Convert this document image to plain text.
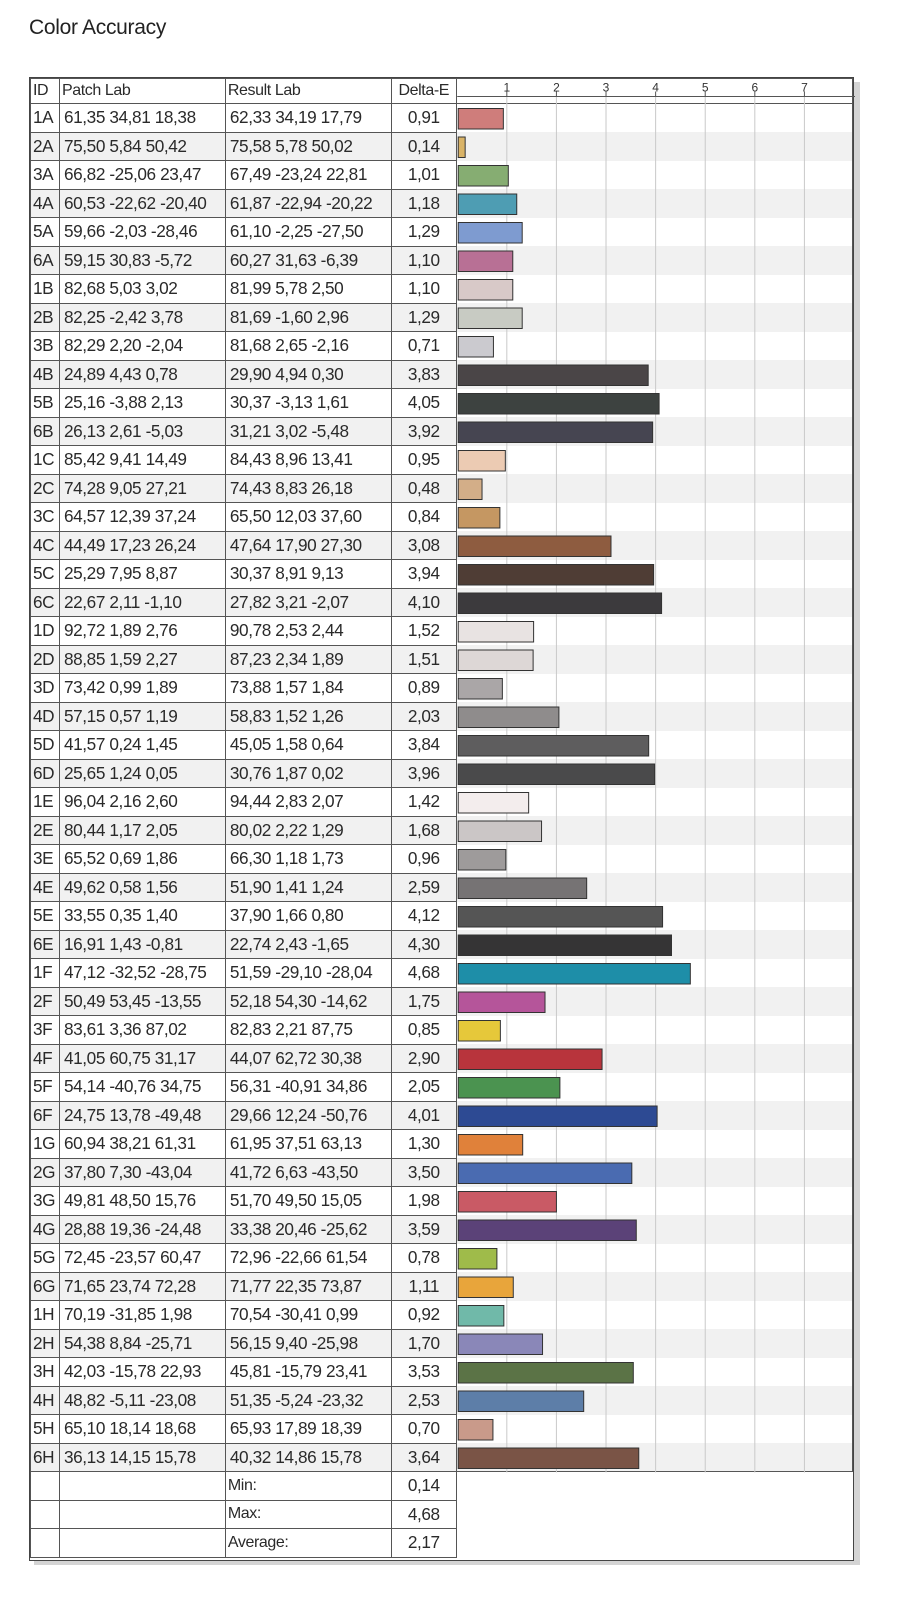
Color Accuracy
ID	Patch Lab	Result Lab	Delta-E	
1A	61,35 34,81 18,38	62,33 34,19 17,79	0,91	
2A	75,50 5,84 50,42	75,58 5,78 50,02	0,14	
3A	66,82 -25,06 23,47	67,49 -23,24 22,81	1,01	
4A	60,53 -22,62 -20,40	61,87 -22,94 -20,22	1,18	
5A	59,66 -2,03 -28,46	61,10 -2,25 -27,50	1,29	
6A	59,15 30,83 -5,72	60,27 31,63 -6,39	1,10	
1B	82,68 5,03 3,02	81,99 5,78 2,50	1,10	
2B	82,25 -2,42 3,78	81,69 -1,60 2,96	1,29	
3B	82,29 2,20 -2,04	81,68 2,65 -2,16	0,71	
4B	24,89 4,43 0,78	29,90 4,94 0,30	3,83	
5B	25,16 -3,88 2,13	30,37 -3,13 1,61	4,05	
6B	26,13 2,61 -5,03	31,21 3,02 -5,48	3,92	
1C	85,42 9,41 14,49	84,43 8,96 13,41	0,95	
2C	74,28 9,05 27,21	74,43 8,83 26,18	0,48	
3C	64,57 12,39 37,24	65,50 12,03 37,60	0,84	
4C	44,49 17,23 26,24	47,64 17,90 27,30	3,08	
5C	25,29 7,95 8,87	30,37 8,91 9,13	3,94	
6C	22,67 2,11 -1,10	27,82 3,21 -2,07	4,10	
1D	92,72 1,89 2,76	90,78 2,53 2,44	1,52	
2D	88,85 1,59 2,27	87,23 2,34 1,89	1,51	
3D	73,42 0,99 1,89	73,88 1,57 1,84	0,89	
4D	57,15 0,57 1,19	58,83 1,52 1,26	2,03	
5D	41,57 0,24 1,45	45,05 1,58 0,64	3,84	
6D	25,65 1,24 0,05	30,76 1,87 0,02	3,96	
1E	96,04 2,16 2,60	94,44 2,83 2,07	1,42	
2E	80,44 1,17 2,05	80,02 2,22 1,29	1,68	
3E	65,52 0,69 1,86	66,30 1,18 1,73	0,96	
4E	49,62 0,58 1,56	51,90 1,41 1,24	2,59	
5E	33,55 0,35 1,40	37,90 1,66 0,80	4,12	
6E	16,91 1,43 -0,81	22,74 2,43 -1,65	4,30	
1F	47,12 -32,52 -28,75	51,59 -29,10 -28,04	4,68	
2F	50,49 53,45 -13,55	52,18 54,30 -14,62	1,75	
3F	83,61 3,36 87,02	82,83 2,21 87,75	0,85	
4F	41,05 60,75 31,17	44,07 62,72 30,38	2,90	
5F	54,14 -40,76 34,75	56,31 -40,91 34,86	2,05	
6F	24,75 13,78 -49,48	29,66 12,24 -50,76	4,01	
1G	60,94 38,21 61,31	61,95 37,51 63,13	1,30	
2G	37,80 7,30 -43,04	41,72 6,63 -43,50	3,50	
3G	49,81 48,50 15,76	51,70 49,50 15,05	1,98	
4G	28,88 19,36 -24,48	33,38 20,46 -25,62	3,59	
5G	72,45 -23,57 60,47	72,96 -22,66 61,54	0,78	
6G	71,65 23,74 72,28	71,77 22,35 73,87	1,11	
1H	70,19 -31,85 1,98	70,54 -30,41 0,99	0,92	
2H	54,38 8,84 -25,71	56,15 9,40 -25,98	1,70	
3H	42,03 -15,78 22,93	45,81 -15,79 23,41	3,53	
4H	48,82 -5,11 -23,08	51,35 -5,24 -23,32	2,53	
5H	65,10 18,14 18,68	65,93 17,89 18,39	0,70	
6H	36,13 14,15 15,78	40,32 14,86 15,78	3,64	
		Min:	0,14	
		Max:	4,68	
		Average:	2,17	
1	2	3	4	5	6	7
